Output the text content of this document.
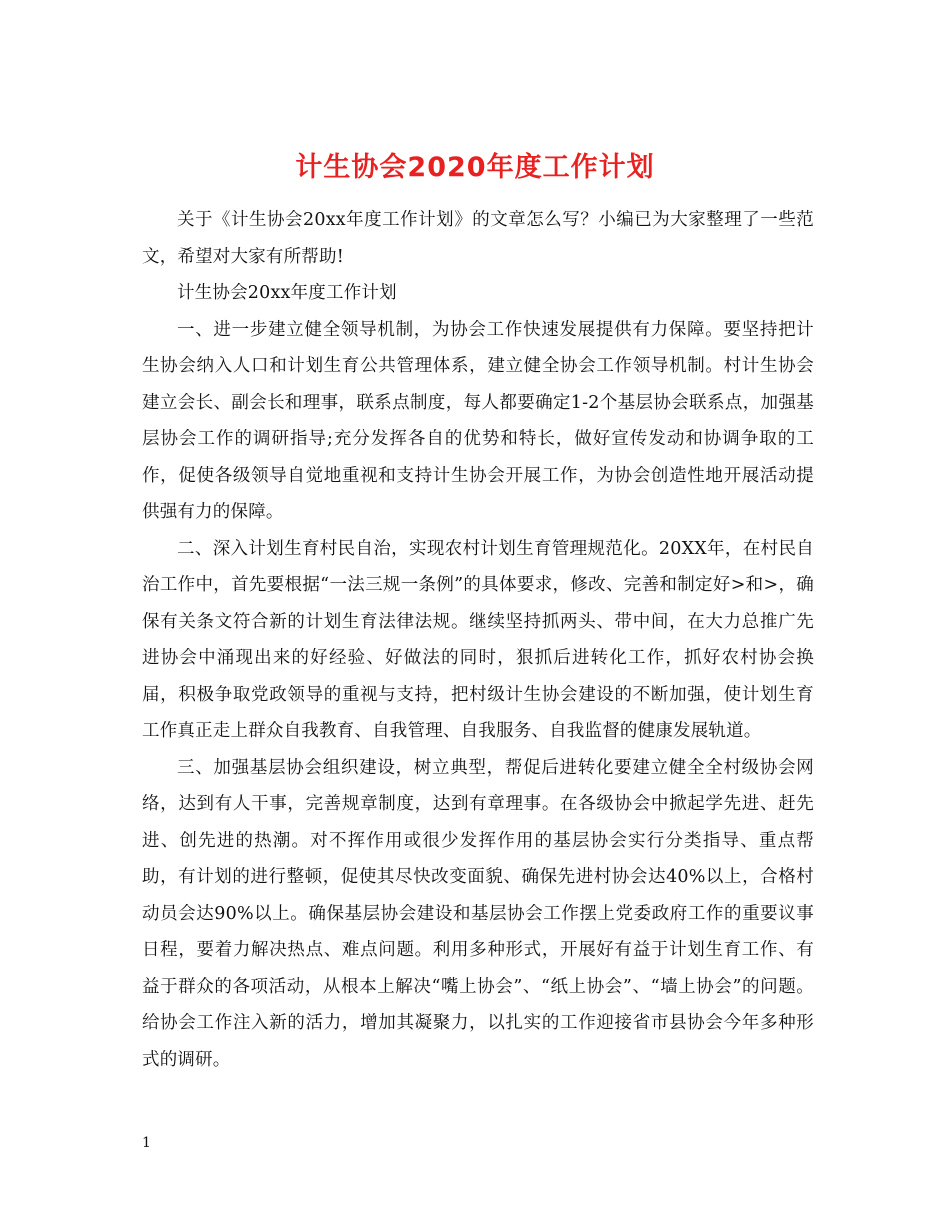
计生协会2020年度工作计划

关于《计生协会20xx年度工作计划》的文章怎么写？小编已为大家整理了一些范文，希望对大家有所帮助!

计生协会20xx年度工作计划

一、进一步建立健全领导机制，为协会工作快速发展提供有力保障。要坚持把计生协会纳入人口和计划生育公共管理体系，建立健全协会工作领导机制。村计生协会建立会长、副会长和理事，联系点制度，每人都要确定1-2个基层协会联系点，加强基层协会工作的调研指导;充分发挥各自的优势和特长，做好宣传发动和协调争取的工作，促使各级领导自觉地重视和支持计生协会开展工作，为协会创造性地开展活动提供强有力的保障。

二、深入计划生育村民自治，实现农村计划生育管理规范化。20XX年，在村民自治工作中，首先要根据“一法三规一条例”的具体要求，修改、完善和制定好>和>，确保有关条文符合新的计划生育法律法规。继续坚持抓两头、带中间，在大力总推广先进协会中涌现出来的好经验、好做法的同时，狠抓后进转化工作，抓好农村协会换届，积极争取党政领导的重视与支持，把村级计生协会建设的不断加强，使计划生育工作真正走上群众自我教育、自我管理、自我服务、自我监督的健康发展轨道。

三、加强基层协会组织建设，树立典型，帮促后进转化要建立健全全村级协会网络，达到有人干事，完善规章制度，达到有章理事。在各级协会中掀起学先进、赶先进、创先进的热潮。对不挥作用或很少发挥作用的基层协会实行分类指导、重点帮助，有计划的进行整顿，促使其尽快改变面貌、确保先进村协会达40%以上，合格村动员会达90%以上。确保基层协会建设和基层协会工作摆上党委政府工作的重要议事日程，要着力解决热点、难点问题。利用多种形式，开展好有益于计划生育工作、有益于群众的各项活动，从根本上解决“嘴上协会”、“纸上协会”、“墙上协会”的问题。给协会工作注入新的活力，增加其凝聚力，以扎实的工作迎接省市县协会今年多种形式的调研。

1
